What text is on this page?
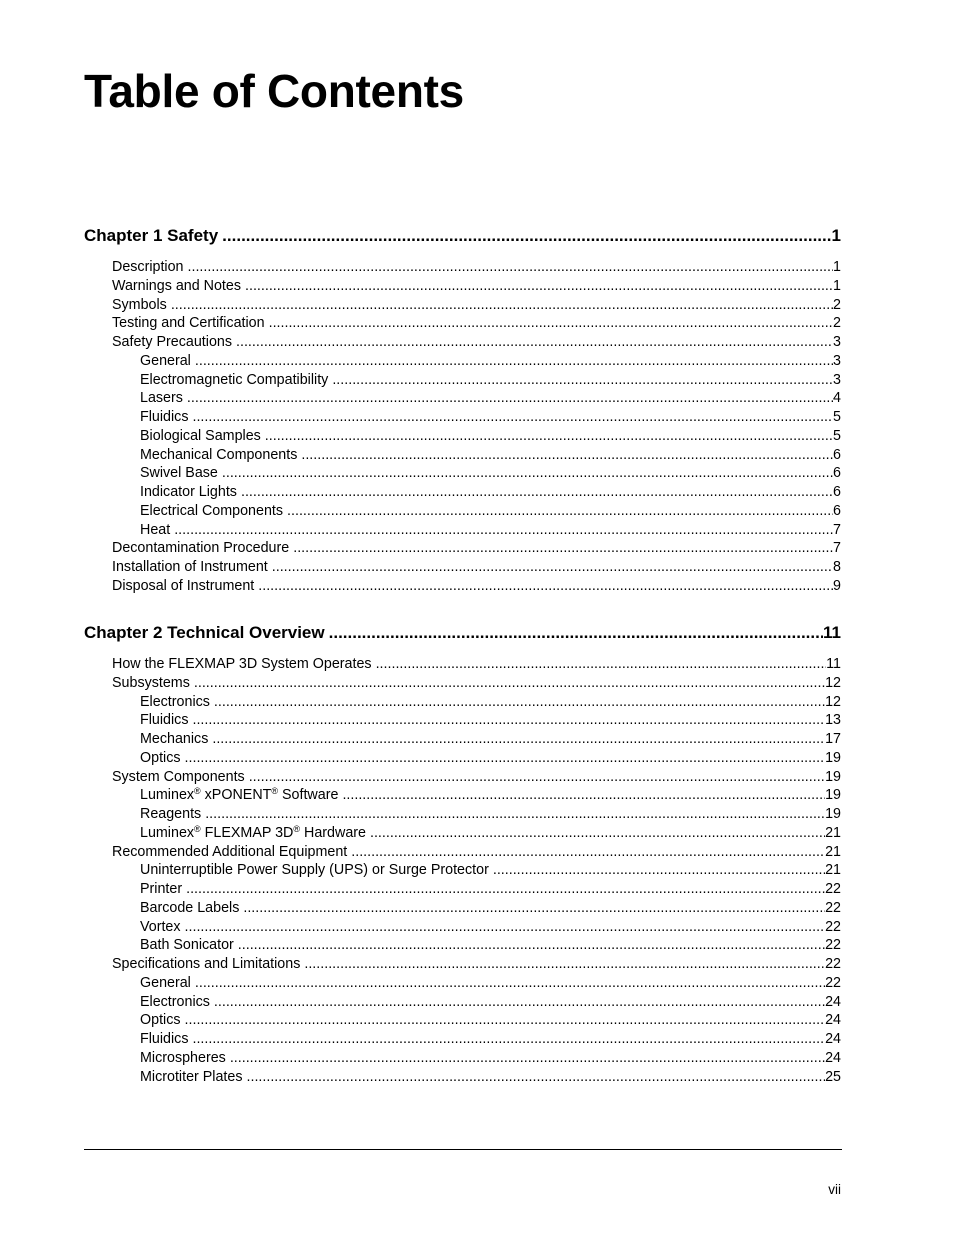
Table of Contents
Chapter 1 Safety .....	1
Description .....	1
Warnings and Notes .....	1
Symbols .....	2
Testing and Certification .....	2
Safety Precautions .....	3
General .....	3
Electromagnetic Compatibility .....	3
Lasers .....	4
Fluidics .....	5
Biological Samples .....	5
Mechanical Components .....	6
Swivel Base .....	6
Indicator Lights .....	6
Electrical Components .....	6
Heat .....	7
Decontamination Procedure .....	7
Installation of Instrument .....	8
Disposal of Instrument .....	9
Chapter 2 Technical Overview .....	11
How the FLEXMAP 3D System Operates .....	11
Subsystems .....	12
Electronics .....	12
Fluidics .....	13
Mechanics .....	17
Optics .....	19
System Components .....	19
Luminex® xPONENT® Software .....	19
Reagents .....	19
Luminex® FLEXMAP 3D® Hardware .....	21
Recommended Additional Equipment .....	21
Uninterruptible Power Supply (UPS) or Surge Protector .....	21
Printer .....	22
Barcode Labels .....	22
Vortex .....	22
Bath Sonicator .....	22
Specifications and Limitations .....	22
General .....	22
Electronics .....	24
Optics .....	24
Fluidics .....	24
Microspheres .....	24
Microtiter Plates .....	25
vii
